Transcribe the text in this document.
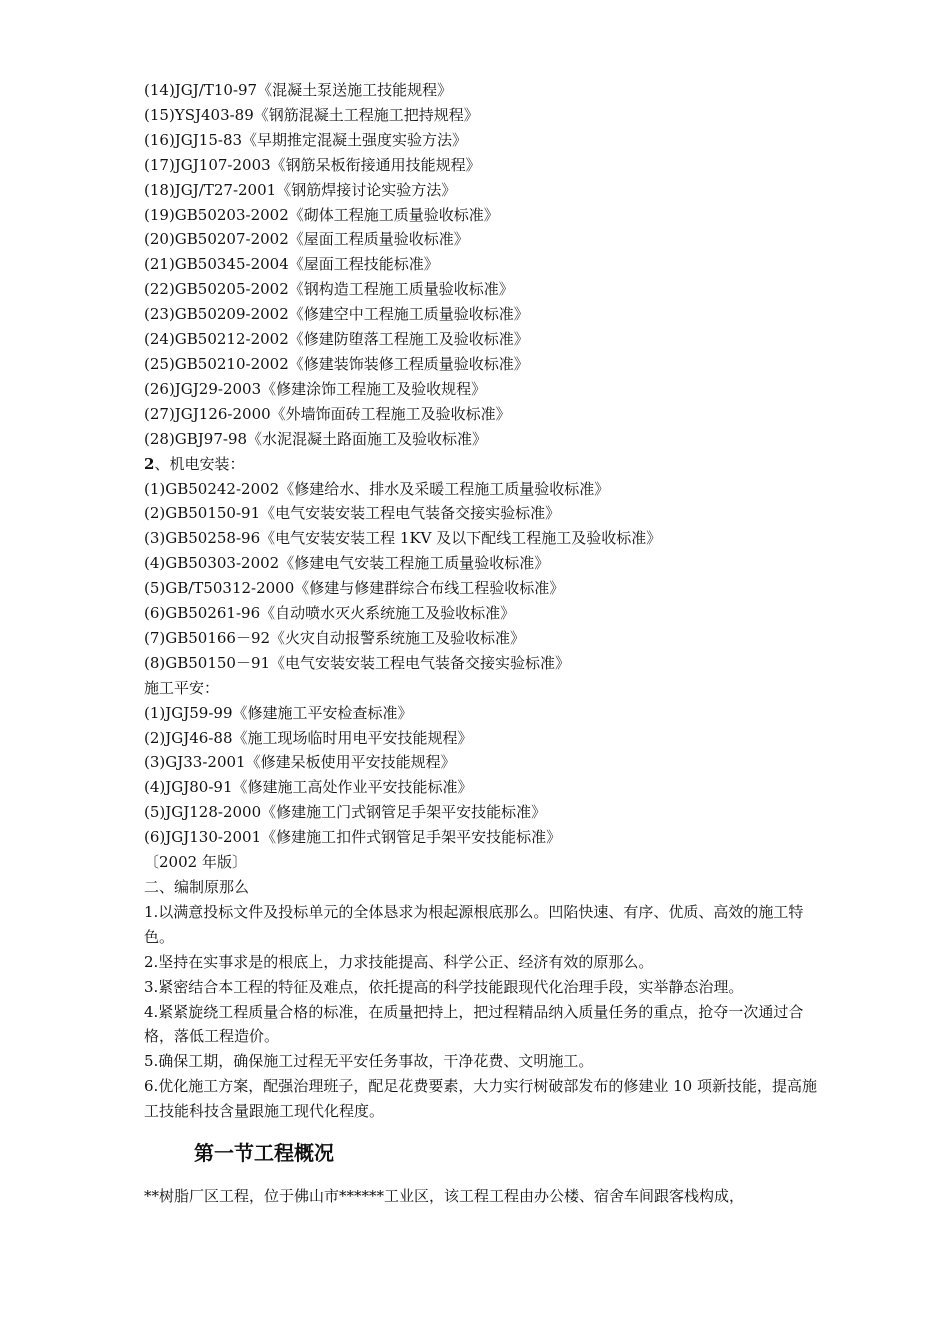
(14)JGJ/T10-97《混凝土泵送施工技能规程》
(15)YSJ403-89《钢筋混凝土工程施工把持规程》
(16)JGJ15-83《早期推定混凝土强度实验方法》
(17)JGJ107-2003《钢筋呆板衔接通用技能规程》
(18)JGJ/T27-2001《钢筋焊接讨论实验方法》
(19)GB50203-2002《砌体工程施工质量验收标准》
(20)GB50207-2002《屋面工程质量验收标准》
(21)GB50345-2004《屋面工程技能标准》
(22)GB50205-2002《钢构造工程施工质量验收标准》
(23)GB50209-2002《修建空中工程施工质量验收标准》
(24)GB50212-2002《修建防堕落工程施工及验收标准》
(25)GB50210-2002《修建装饰装修工程质量验收标准》
(26)JGJ29-2003《修建涂饰工程施工及验收规程》
(27)JGJ126-2000《外墙饰面砖工程施工及验收标准》
(28)GBJ97-98《水泥混凝土路面施工及验收标准》
2、机电安装：
(1)GB50242-2002《修建给水、排水及采暖工程施工质量验收标准》
(2)GB50150-91《电气安装安装工程电气装备交接实验标准》
(3)GB50258-96《电气安装安装工程 1KV 及以下配线工程施工及验收标准》
(4)GB50303-2002《修建电气安装工程施工质量验收标准》
(5)GB/T50312-2000《修建与修建群综合布线工程验收标准》
(6)GB50261-96《自动喷水灭火系统施工及验收标准》
(7)GB50166－92《火灾自动报警系统施工及验收标准》
(8)GB50150－91《电气安装安装工程电气装备交接实验标准》
施工平安：
(1)JGJ59-99《修建施工平安检查标准》
(2)JGJ46-88《施工现场临时用电平安技能规程》
(3)GJ33-2001《修建呆板使用平安技能规程》
(4)JGJ80-91《修建施工高处作业平安技能标准》
(5)JGJ128-2000《修建施工门式钢管足手架平安技能标准》
(6)JGJ130-2001《修建施工扣件式钢管足手架平安技能标准》
〔2002 年版〕
二、编制原那么
1.以满意投标文件及投标单元的全体恳求为根起源根底那么。凹陷快速、有序、优质、高效的施工特色。
2.坚持在实事求是的根底上，力求技能提高、科学公正、经济有效的原那么。
3.紧密结合本工程的特征及难点，依托提高的科学技能跟现代化治理手段，实举静态治理。
4.紧紧旋绕工程质量合格的标准，在质量把持上，把过程精品纳入质量任务的重点，抢夺一次通过合格，落低工程造价。
5.确保工期，确保施工过程无平安任务事故，干净花费、文明施工。
6.优化施工方案，配强治理班子，配足花费要素，大力实行树破部发布的修建业 10 项新技能，提高施工技能科技含量跟施工现代化程度。
第一节工程概况
**树脂厂区工程，位于佛山市******工业区，该工程工程由办公楼、宿舍车间跟客栈构成，
